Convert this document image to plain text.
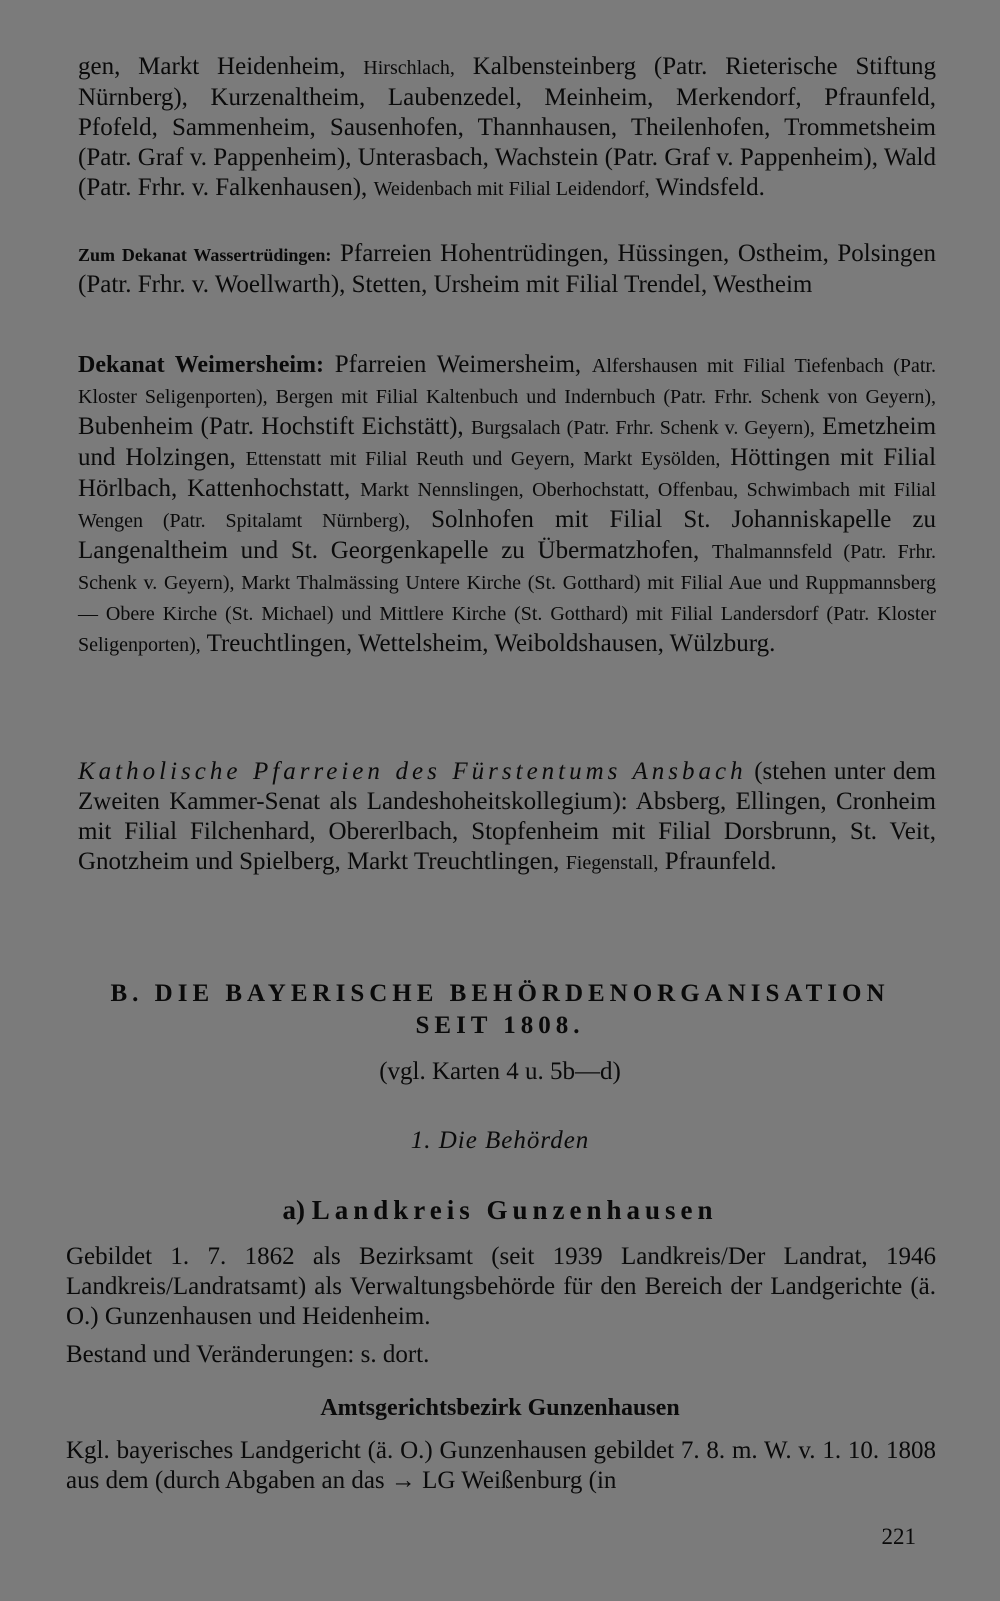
gen, Markt Heidenheim, Hirschlach, Kalbensteinberg (Patr. Rieterische Stiftung Nürnberg), Kurzenaltheim, Laubenzedel, Meinheim, Merkendorf, Pfraunfeld, Pfofeld, Sammenheim, Sausenhofen, Thannhausen, Theilenhofen, Trommetsheim (Patr. Graf v. Pappenheim), Unterasbach, Wachstein (Patr. Graf v. Pappenheim), Wald (Patr. Frhr. v. Falkenhausen), Weidenbach mit Filial Leidendorf, Windsfeld.

Zum Dekanat Wassertrüdingen: Pfarreien Hohentrüdingen, Hüssingen, Ostheim, Polsingen (Patr. Frhr. v. Woellwarth), Stetten, Ursheim mit Filial Trendel, Westheim

Dekanat Weimersheim: Pfarreien Weimersheim, Alfershausen mit Filial Tiefenbach (Patr. Kloster Seligenporten), Bergen mit Filial Kaltenbuch und Indernbuch (Patr. Frhr. Schenk von Geyern), Bubenheim (Patr. Hochstift Eichstätt), Burgsalach (Patr. Frhr. Schenk v. Geyern), Emetzheim und Holzingen, Ettenstatt mit Filial Reuth und Geyern, Markt Eysölden, Höttingen mit Filial Hörlbach, Kattenhochstatt, Markt Nennslingen, Oberhochstatt, Offenbau, Schwimbach mit Filial Wengen (Patr. Spitalamt Nürnberg), Solnhofen mit Filial St. Johanniskapelle zu Langenaltheim und St. Georgenkapelle zu Übermatzhofen, Thalmannsfeld (Patr. Frhr. Schenk v. Geyern), Markt Thalmässing Untere Kirche (St. Gotthard) mit Filial Aue und Ruppmannsberg — Obere Kirche (St. Michael) und Mittlere Kirche (St. Gotthard) mit Filial Landersdorf (Patr. Kloster Seligenporten), Treuchtlingen, Wettelsheim, Weiboldshausen, Wülzburg.

Katholische Pfarreien des Fürstentums Ansbach (stehen unter dem Zweiten Kammer-Senat als Landeshoheitskollegium): Absberg, Ellingen, Cronheim mit Filial Filchenhard, Obererlbach, Stopfenheim mit Filial Dorsbrunn, St. Veit, Gnotzheim und Spielberg, Markt Treuchtlingen, Fiegenstall, Pfraunfeld.

B. DIE BAYERISCHE BEHÖRDENORGANISATION
SEIT 1808.

(vgl. Karten 4 u. 5b—d)

1. Die Behörden

a) Landkreis Gunzenhausen

Gebildet 1. 7. 1862 als Bezirksamt (seit 1939 Landkreis/Der Landrat, 1946 Landkreis/Landratsamt) als Verwaltungsbehörde für den Bereich der Landgerichte (ä. O.) Gunzenhausen und Heidenheim.

Bestand und Veränderungen: s. dort.

Amtsgerichtsbezirk Gunzenhausen

Kgl. bayerisches Landgericht (ä. O.) Gunzenhausen gebildet 7. 8. m. W. v. 1. 10. 1808 aus dem (durch Abgaben an das → LG Weißenburg (in

221
